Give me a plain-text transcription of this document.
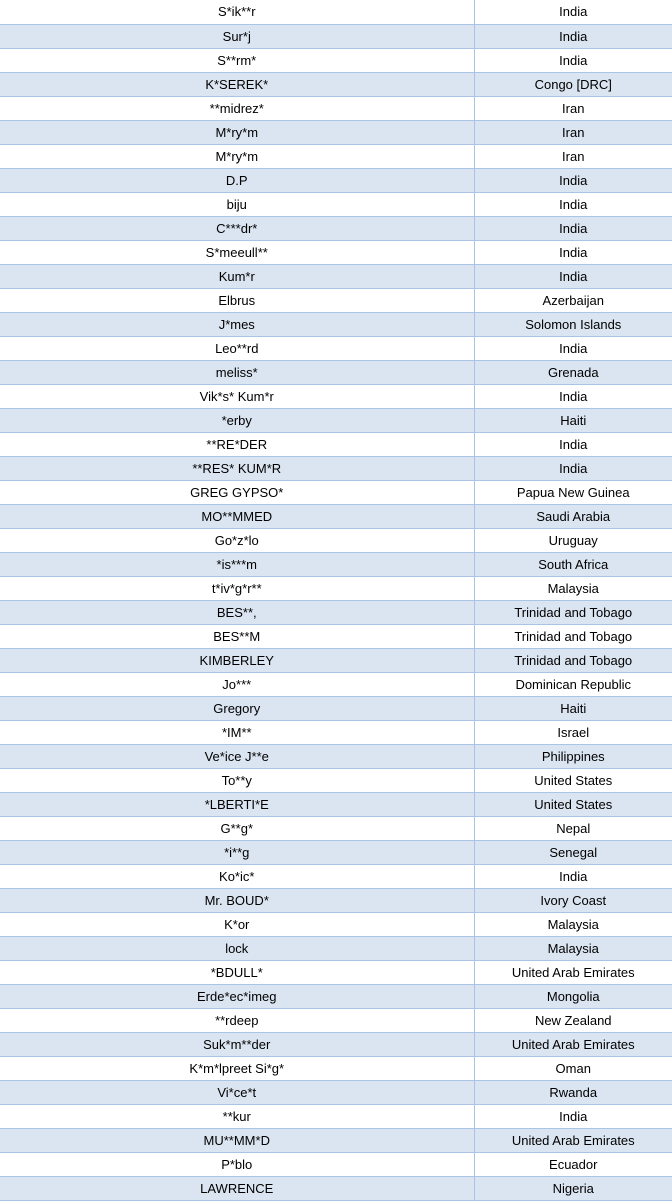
S*ik**r	India
Sur*j	India
S**rm*	India
K*SEREK*	Congo [DRC]
**midrez*	Iran
M*ry*m	Iran
M*ry*m	Iran
D.P	India
biju	India
C***dr*	India
S*meeull**	India
Kum*r	India
Elbrus	Azerbaijan
J*mes	Solomon Islands
Leo**rd	India
meliss*	Grenada
Vik*s* Kum*r	India
*erby	Haiti
**RE*DER	India
**RES* KUM*R	India
GREG GYPSO*	Papua New Guinea
MO**MMED	Saudi Arabia
Go*z*lo	Uruguay
*is***m	South Africa
t*iv*g*r**	Malaysia
BES**,	Trinidad and Tobago
BES**M	Trinidad and Tobago
KIMBERLEY	Trinidad and Tobago
Jo***	Dominican Republic
Gregory	Haiti
*IM**	Israel
Ve*ice J**e	Philippines
To**y	United States
*LBERTI*E	United States
G**g*	Nepal
*i**g	Senegal
Ko*ic*	India
Mr. BOUD*	Ivory Coast
K*or	Malaysia
lock	Malaysia
*BDULL*	United Arab Emirates
Erde*ec*imeg	Mongolia
**rdeep	New Zealand
Suk*m**der	United Arab Emirates
K*m*lpreet Si*g*	Oman
Vi*ce*t	Rwanda
**kur	India
MU**MM*D	United Arab Emirates
P*blo	Ecuador
LAWRENCE	Nigeria
